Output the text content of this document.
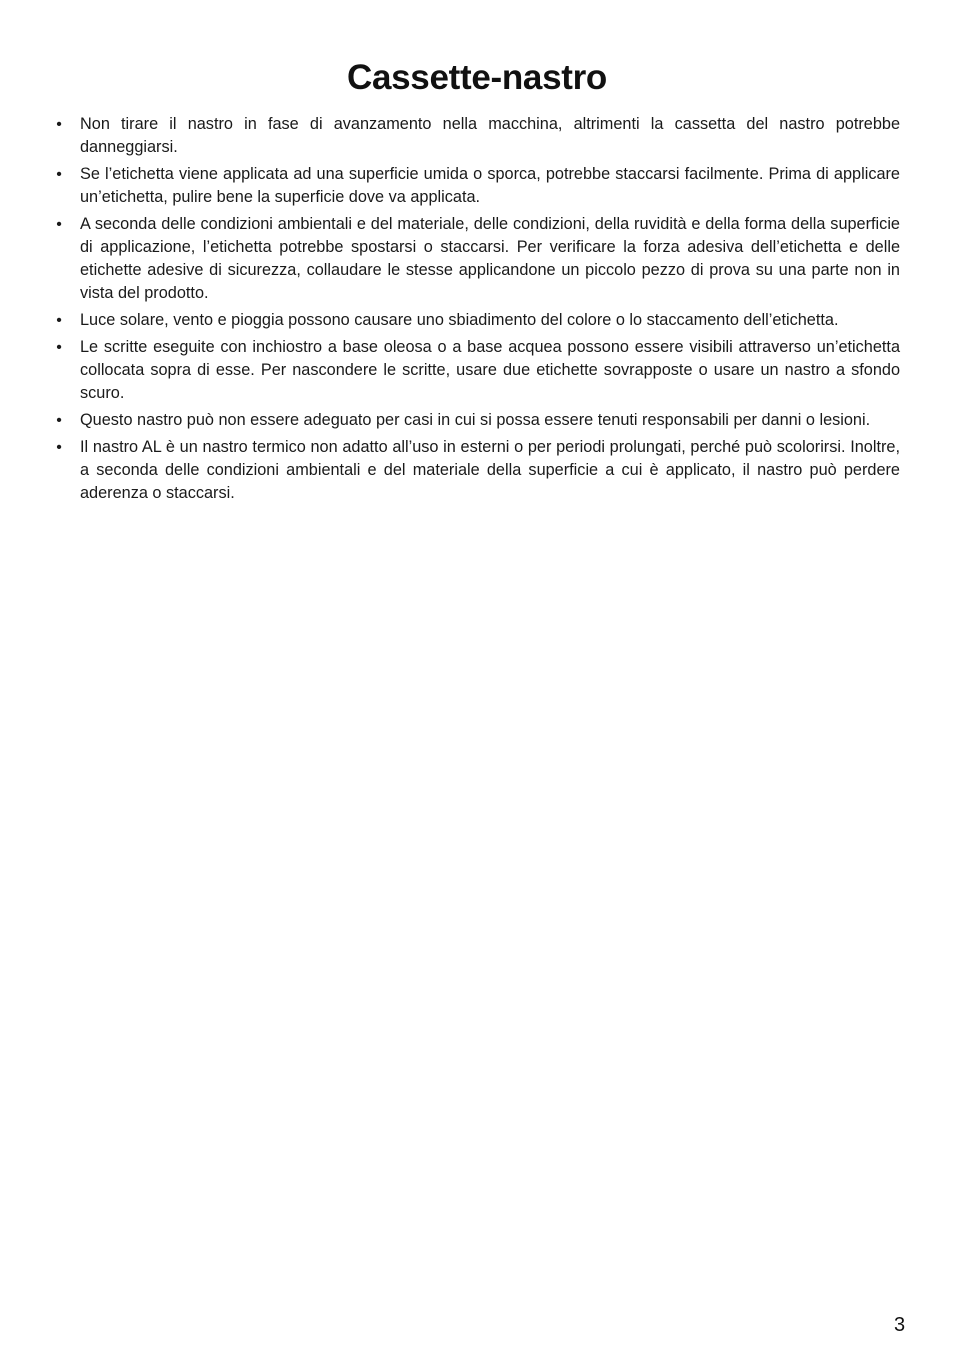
Cassette-nastro
• Non tirare il nastro in fase di avanzamento nella macchina, altrimenti la cassetta del nastro potrebbe danneggiarsi.
• Se l’etichetta viene applicata ad una superficie umida o sporca, potrebbe staccarsi facilmente. Prima di applicare un’etichetta, pulire bene la superficie dove va applicata.
• A seconda delle condizioni ambientali e del materiale, delle condizioni, della ruvidità e della forma della superficie di applicazione, l’etichetta potrebbe spostarsi o staccarsi. Per verificare la forza adesiva dell’etichetta e delle etichette adesive di sicurezza, collaudare le stesse applicandone un piccolo pezzo di prova su una parte non in vista del prodotto.
• Luce solare, vento e pioggia possono causare uno sbiadimento del colore o lo staccamento dell’etichetta.
• Le scritte eseguite con inchiostro a base oleosa o a base acquea possono essere visibili attraverso un’etichetta collocata sopra di esse. Per nascondere le scritte, usare due etichette sovrapposte o usare un nastro a sfondo scuro.
• Questo nastro può non essere adeguato per casi in cui si possa essere tenuti responsabili per danni o lesioni.
• Il nastro AL è un nastro termico non adatto all’uso in esterni o per periodi prolungati, perché può scolorirsi. Inoltre, a seconda delle condizioni ambientali e del materiale della superficie a cui è applicato, il nastro può perdere aderenza o staccarsi.
3
